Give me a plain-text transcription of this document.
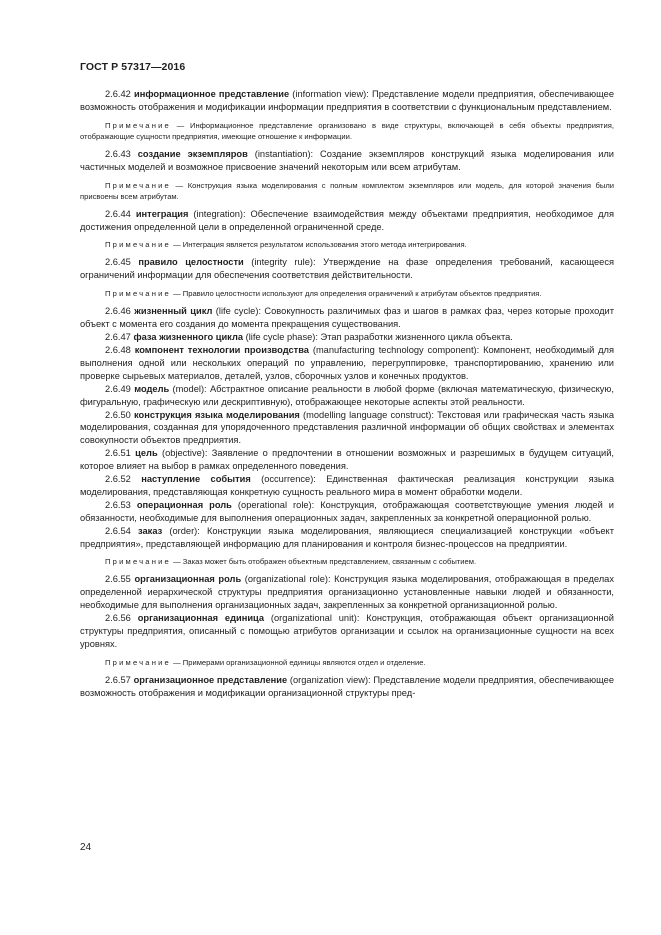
ГОСТ Р 57317—2016

2.6.42 информационное представление (information view): Представление модели предприятия, обеспечивающее возможность отображения и модификации информации предприятия в соответствии с функциональным представлением.

Примечание — Информационное представление организовано в виде структуры, включающей в себя объекты предприятия, отображающие сущности предприятия, имеющие отношение к информации.

2.6.43 создание экземпляров (instantiation): Создание экземпляров конструкций языка моделирования или частичных моделей и возможное присвоение значений некоторым или всем атрибутам.

Примечание — Конструкция языка моделирования с полным комплектом экземпляров или модель, для которой значения были присвоены всем атрибутам.

2.6.44 интеграция (integration): Обеспечение взаимодействия между объектами предприятия, необходимое для достижения определенной цели в определенной ограниченной среде.

Примечание — Интеграция является результатом использования этого метода интегрирования.

2.6.45 правило целостности (integrity rule): Утверждение на фазе определения требований, касающееся ограничений информации для обеспечения соответствия действительности.

Примечание — Правило целостности используют для определения ограничений к атрибутам объектов предприятия.

2.6.46 жизненный цикл (life cycle): Совокупность различимых фаз и шагов в рамках фаз, через которые проходит объект с момента его создания до момента прекращения существования.

2.6.47 фаза жизненного цикла (life cycle phase): Этап разработки жизненного цикла объекта.

2.6.48 компонент технологии производства (manufacturing technology component): Компонент, необходимый для выполнения одной или нескольких операций по управлению, перегруппировке, транспортированию, хранению или проверке сырьевых материалов, деталей, узлов, сборочных узлов и конечных продуктов.

2.6.49 модель (model): Абстрактное описание реальности в любой форме (включая математическую, физическую, фигуральную, графическую или дескриптивную), отображающее некоторые аспекты этой реальности.

2.6.50 конструкция языка моделирования (modelling language construct): Текстовая или графическая часть языка моделирования, созданная для упорядоченного представления различной информации об общих свойствах и элементах совокупности объектов предприятия.

2.6.51 цель (objective): Заявление о предпочтении в отношении возможных и разрешимых в будущем ситуаций, которое влияет на выбор в рамках определенного поведения.

2.6.52 наступление события (occurrence): Единственная фактическая реализация конструкции языка моделирования, представляющая конкретную сущность реального мира в момент обработки модели.

2.6.53 операционная роль (operational role): Конструкция, отображающая соответствующие умения людей и обязанности, необходимые для выполнения операционных задач, закрепленных за конкретной операционной ролью.

2.6.54 заказ (order): Конструкции языка моделирования, являющиеся специализацией конструкции «объект предприятия», представляющей информацию для планирования и контроля бизнес-процессов на предприятии.

Примечание — Заказ может быть отображен объектным представлением, связанным с событием.

2.6.55 организационная роль (organizational role): Конструкция языка моделирования, отображающая в пределах определенной иерархической структуры предприятия организационно установленные навыки людей и обязанности, необходимые для выполнения организационных задач, закрепленных за конкретной организационной ролью.

2.6.56 организационная единица (organizational unit): Конструкция, отображающая объект организационной структуры предприятия, описанный с помощью атрибутов организации и ссылок на организационные сущности на всех уровнях.

Примечание — Примерами организационной единицы являются отдел и отделение.

2.6.57 организационное представление (organization view): Представление модели предприятия, обеспечивающее возможность отображения и модификации организационной структуры пред-

24
